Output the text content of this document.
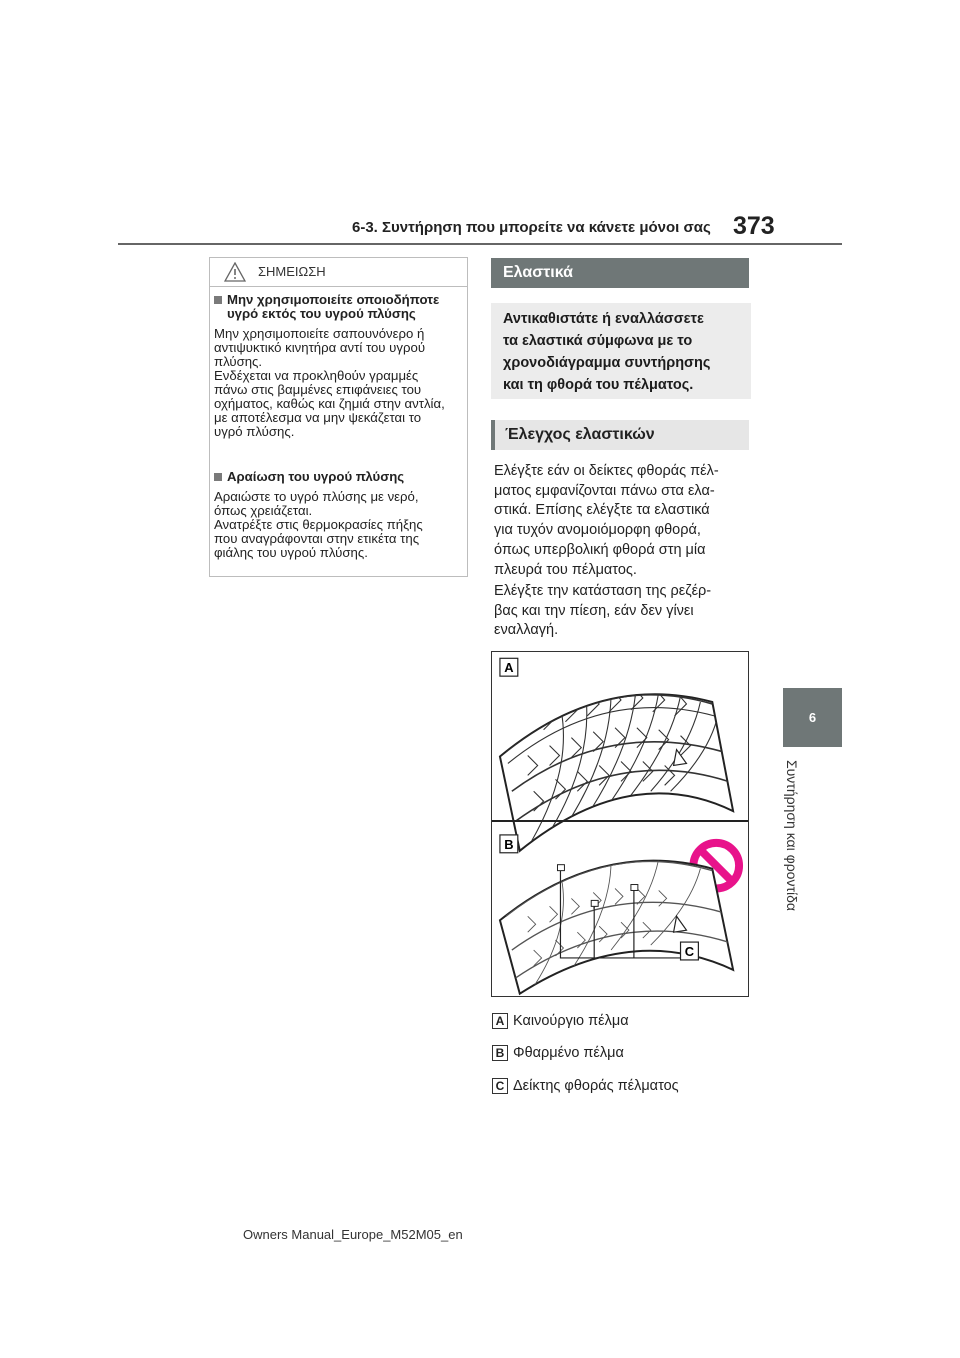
6-3. Συντήρηση που μπορείτε να κάνετε μόνοι σας 373
6
Συντήρηση και φροντίδα
ΣΗΜΕΙΩΣΗ
Μην χρησιμοποιείτε οποιοδήποτε υγρό εκτός του υγρού πλύσης
Μην χρησιμοποιείτε σαπουνόνερο ή
αντιψυκτικό κινητήρα αντί του υγρού
πλύσης.
Ενδέχεται να προκληθούν γραμμές
πάνω στις βαμμένες επιφάνειες του
οχήματος, καθώς και ζημιά στην αντλία,
με αποτέλεσμα να μην ψεκάζεται το
υγρό πλύσης.
Αραίωση του υγρού πλύσης
Αραιώστε το υγρό πλύσης με νερό,
όπως χρειάζεται.
Ανατρέξτε στις θερμοκρασίες πήξης
που αναγράφονται στην ετικέτα της
φιάλης του υγρού πλύσης.
Ελαστικά
Αντικαθιστάτε ή εναλλάσσετε
τα ελαστικά σύμφωνα με το
χρονοδιάγραμμα συντήρησης
και τη φθορά του πέλματος.
Έλεγχος ελαστικών
Ελέγξτε εάν οι δείκτες φθοράς πέλ-
ματος εμφανίζονται πάνω στα ελα-
στικά. Επίσης ελέγξτε τα ελαστικά
για τυχόν ανομοιόμορφη φθορά,
όπως υπερβολική φθορά στη μία
πλευρά του πέλματος.
Ελέγξτε την κατάσταση της ρεζέρ-
βας και την πίεση, εάν δεν γίνει
εναλλαγή.
A
B
C
A Καινούργιο πέλμα
B Φθαρμένο πέλμα
C Δείκτης φθοράς πέλματος
Owners Manual_Europe_M52M05_en
